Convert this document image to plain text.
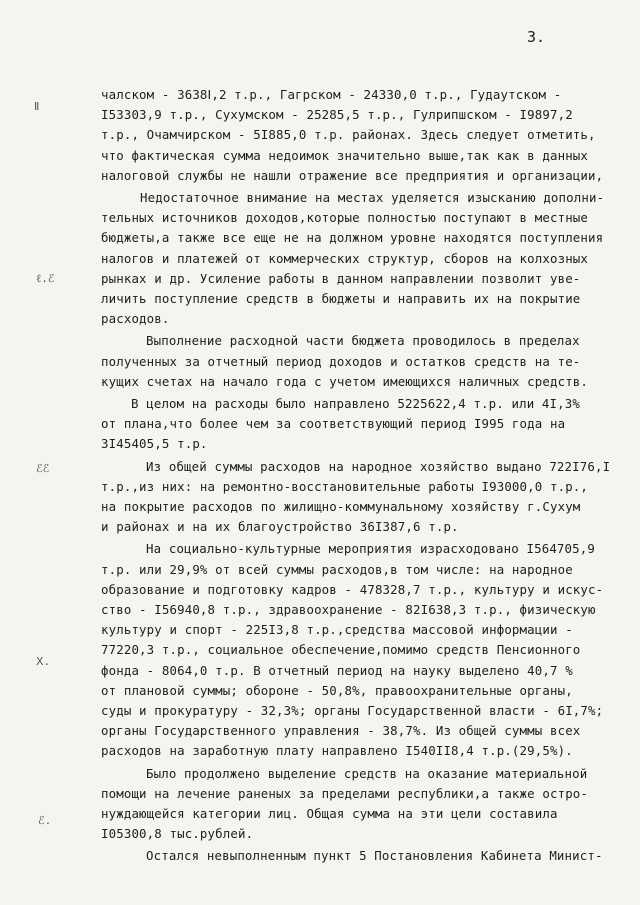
3.
Ⅱ
ℓ.ℰ
ℰℰ
Ⅹ.
ℰ.
чалском - 3638Ⅰ,2 т.р., Гагрском - 24330,0 т.р., Гудаутском -
I53303,9 т.р., Сухумском - 25285,5 т.р., Гулрипшском - I9897,2
т.р., Очамчирском - 5I885,0 т.р. районах. Здесь следует отметить,
что фактическая сумма недоимок значительно выше,так как в данных
налоговой службы не нашли отражение все предприятия и организации,
Недостаточное внимание на местах уделяется изысканию дополни-
тельных источников доходов,которые полностью поступают в местные
бюджеты,а также все еще не на должном уровне находятся поступления
налогов и платежей от коммерческих структур, сборов на колхозных
рынках и др. Усиление работы в данном направлении позволит уве-
личить поступление средств в бюджеты и направить их на покрытие
расходов.
Выполнение расходной части бюджета проводилось в пределах
полученных за отчетный период доходов и остатков средств на те-
кущих счетах на начало года с учетом имеющихся наличных средств.
В целом на расходы было направлено 5225622,4 т.р. или 4I,3%
от плана,что более чем за соответствующий период I995 года на
3I45405,5 т.р.
Из общей суммы расходов на народное хозяйство выдано 722I76,I
т.р.,из них: на ремонтно-восстановительные работы I93000,0 т.р.,
на покрытие расходов по жилищно-коммунальному хозяйству г.Сухум
и районах и на их благоустройство 36I387,6 т.р.
На социально-культурные мероприятия израсходовано I564705,9
т.р. или 29,9% от всей суммы расходов,в том числе: на народное
образование и подготовку кадров - 478328,7 т.р., культуру и искус-
ство - I56940,8 т.р., здравоохранение - 82I638,3 т.р., физическую
культуру и спорт - 225I3,8 т.р.,средства массовой информации -
77220,3 т.р., социальное обеспечение,помимо средств Пенсионного
фонда - 8064,0 т.р. В отчетный период на науку выделено 40,7 %
от плановой суммы; обороне - 50,8%, правоохранительные органы,
суды и прокуратуру - 32,3%; органы Государственной власти - 6I,7%;
органы Государственного управления - 38,7%. Из общей суммы всех
расходов на заработную плату направлено I540II8,4 т.р.(29,5%).
Было продолжено выделение средств на оказание материальной
помощи на лечение раненых за пределами республики,а также остро-
нуждающейся категории лиц. Общая сумма на эти цели составила
I05300,8 тыс.рублей.
Остался невыполненным пункт 5 Постановления Кабинета Минист-
